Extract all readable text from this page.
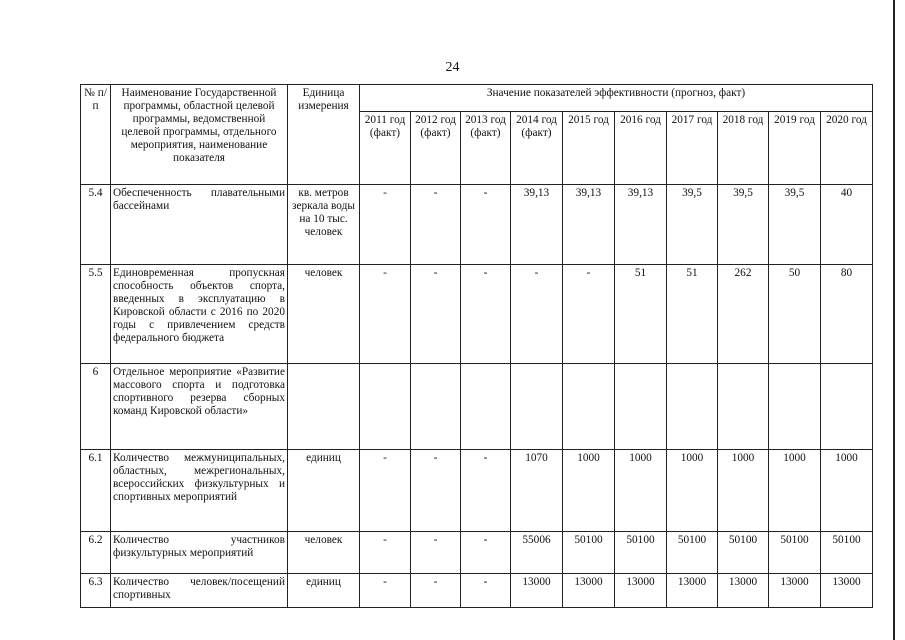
24
№ п/п	Наименование Государственной программы, областной целевой программы, ведомственной целевой программы, отдельного мероприятия, наименование показателя	Единица измерения	Значение показателей эффективности (прогноз, факт)									
			2011 год (факт)	2012 год (факт)	2013 год (факт)	2014 год (факт)	2015 год	2016 год	2017 год	2018 год	2019 год	2020 год
5.4	Обеспеченность плавательными бассейнами	кв. метров зеркала воды на 10 тыс. человек	-	-	-	39,13	39,13	39,13	39,5	39,5	39,5	40
5.5	Единовременная пропускная способность объектов спорта, введенных в эксплуатацию в Кировской области с 2016 по 2020 годы с привлечением средств федерального бюджета	человек	-	-	-	-	-	51	51	262	50	80
6	Отдельное мероприятие «Развитие массового спорта и подготовка спортивного резерва сборных команд Кировской области»											
6.1	Количество межмуниципальных, областных, межрегиональных, всероссийских физкультурных и спортивных мероприятий	единиц	-	-	-	1070	1000	1000	1000	1000	1000	1000
6.2	Количество участников физкультурных мероприятий	человек	-	-	-	55006	50100	50100	50100	50100	50100	50100
6.3	Количество человек/посещений спортивных	единиц	-	-	-	13000	13000	13000	13000	13000	13000	13000
